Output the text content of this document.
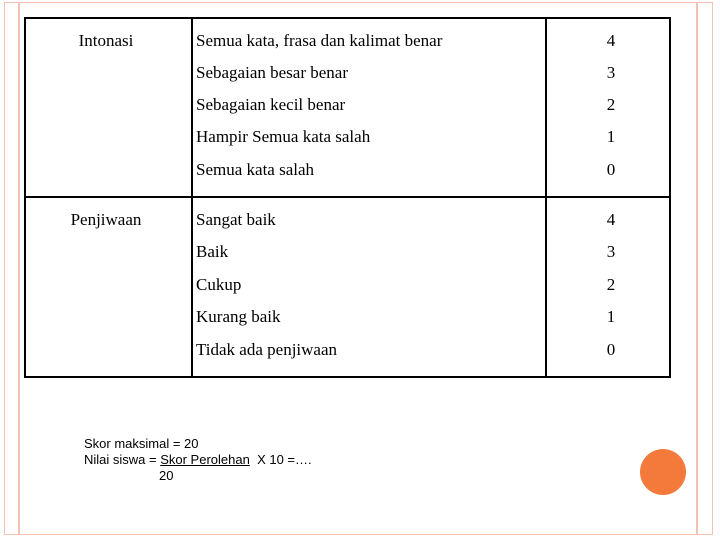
Intonasi	Semua kata, frasa dan kalimat benar	4
Sebagaian besar benar	3
Sebagaian kecil benar	2
Hampir Semua kata salah	1
Semua kata salah	0
Penjiwaan	Sangat baik	4
Baik	3
Cukup	2
Kurang baik	1
Tidak ada penjiwaan	0
Skor maksimal = 20
Nilai siswa = Skor Perolehan  X 10 =….
20
